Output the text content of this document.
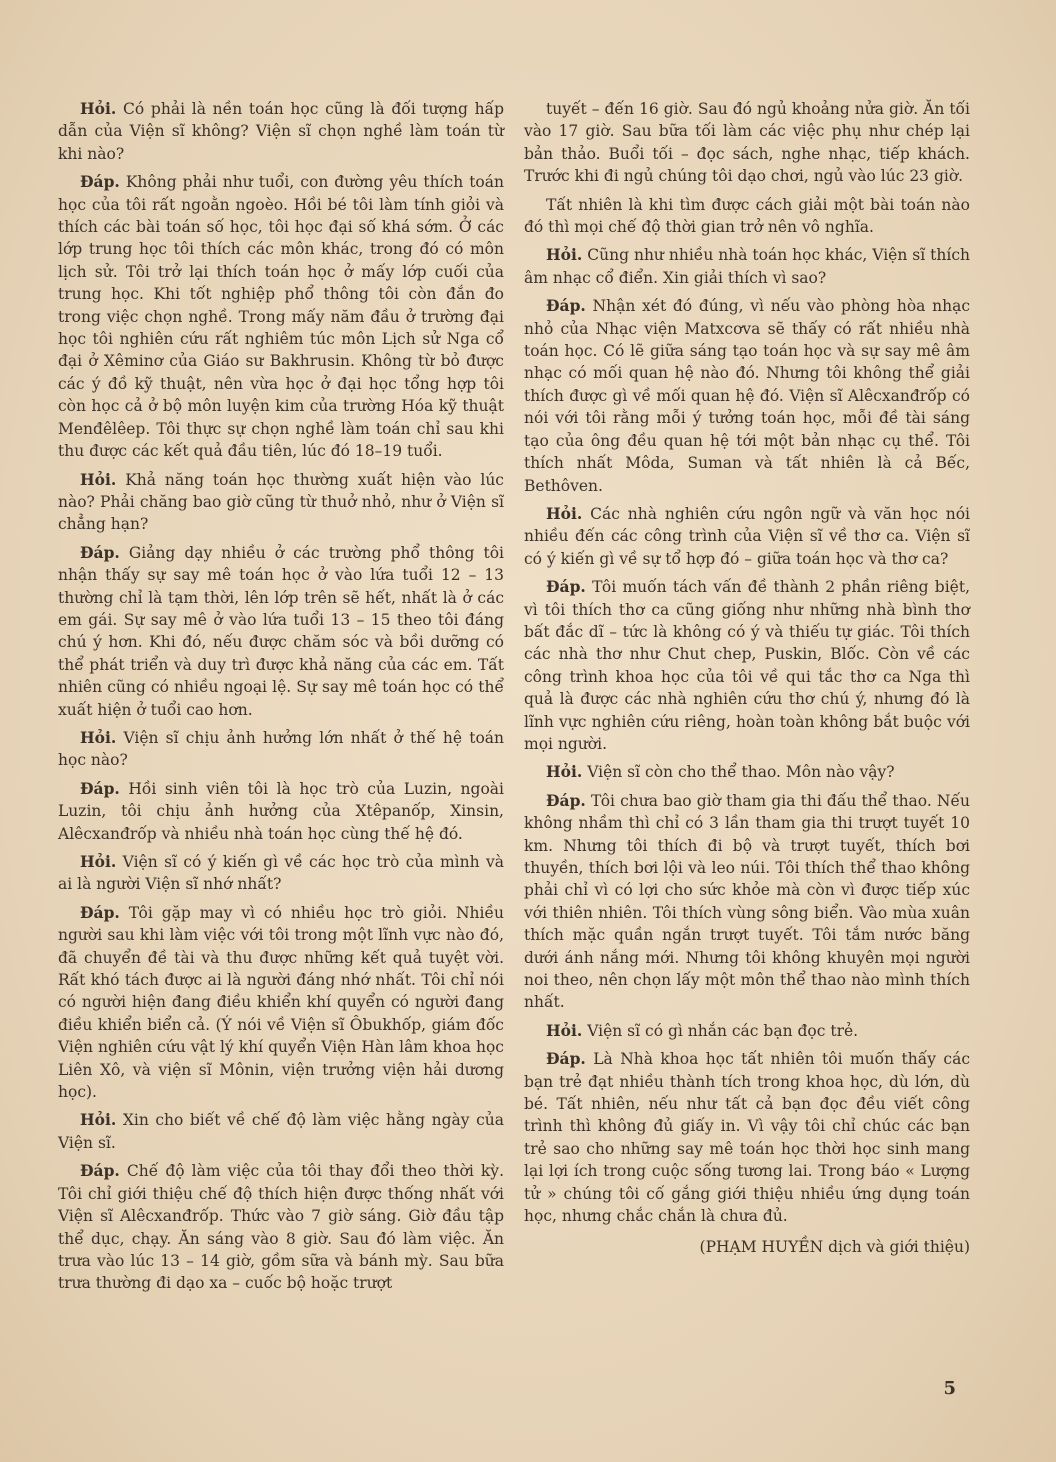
Hỏi. Có phải là nền toán học cũng là đối tượng hấp dẫn của Viện sĩ không? Viện sĩ chọn nghề làm toán từ khi nào?

Đáp. Không phải như tuổi, con đường yêu thích toán học của tôi rất ngoằn ngoèo. Hồi bé tôi làm tính giỏi và thích các bài toán số học, tôi học đại số khá sớm. Ở các lớp trung học tôi thích các môn khác, trong đó có môn lịch sử. Tôi trở lại thích toán học ở mấy lớp cuối của trung học. Khi tốt nghiệp phổ thông tôi còn đắn đo trong việc chọn nghề. Trong mấy năm đầu ở trường đại học tôi nghiên cứu rất nghiêm túc môn Lịch sử Nga cổ đại ở Xêminơ của Giáo sư Bakhrusin. Không từ bỏ được các ý đồ kỹ thuật, nên vừa học ở đại học tổng hợp tôi còn học cả ở bộ môn luyện kim của trường Hóa kỹ thuật Menđêlêep. Tôi thực sự chọn nghề làm toán chỉ sau khi thu được các kết quả đầu tiên, lúc đó 18–19 tuổi.

Hỏi. Khả năng toán học thường xuất hiện vào lúc nào? Phải chăng bao giờ cũng từ thuở nhỏ, như ở Viện sĩ chẳng hạn?

Đáp. Giảng dạy nhiều ở các trường phổ thông tôi nhận thấy sự say mê toán học ở vào lứa tuổi 12 – 13 thường chỉ là tạm thời, lên lớp trên sẽ hết, nhất là ở các em gái. Sự say mê ở vào lứa tuổi 13 – 15 theo tôi đáng chú ý hơn. Khi đó, nếu được chăm sóc và bồi dưỡng có thể phát triển và duy trì được khả năng của các em. Tất nhiên cũng có nhiều ngoại lệ. Sự say mê toán học có thể xuất hiện ở tuổi cao hơn.

Hỏi. Viện sĩ chịu ảnh hưởng lớn nhất ở thế hệ toán học nào?

Đáp. Hồi sinh viên tôi là học trò của Luzin, ngoài Luzin, tôi chịu ảnh hưởng của Xtêpanốp, Xinsin, Alêcxanđrốp và nhiều nhà toán học cùng thế hệ đó.

Hỏi. Viện sĩ có ý kiến gì về các học trò của mình và ai là người Viện sĩ nhớ nhất?

Đáp. Tôi gặp may vì có nhiều học trò giỏi. Nhiều người sau khi làm việc với tôi trong một lĩnh vực nào đó, đã chuyển đề tài và thu được những kết quả tuyệt vời. Rất khó tách được ai là người đáng nhớ nhất. Tôi chỉ nói có người hiện đang điều khiển khí quyển có người đang điều khiển biển cả. (Ý nói về Viện sĩ Ôbukhốp, giám đốc Viện nghiên cứu vật lý khí quyển Viện Hàn lâm khoa học Liên Xô, và viện sĩ Mônin, viện trưởng viện hải dương học).

Hỏi. Xin cho biết về chế độ làm việc hằng ngày của Viện sĩ.

Đáp. Chế độ làm việc của tôi thay đổi theo thời kỳ. Tôi chỉ giới thiệu chế độ thích hiện được thống nhất với Viện sĩ Alêcxanđrốp. Thức vào 7 giờ sáng. Giờ đầu tập thể dục, chạy. Ăn sáng vào 8 giờ. Sau đó làm việc. Ăn trưa vào lúc 13 – 14 giờ, gồm sữa và bánh mỳ. Sau bữa trưa thường đi dạo xa – cuốc bộ hoặc trượt

tuyết – đến 16 giờ. Sau đó ngủ khoảng nửa giờ. Ăn tối vào 17 giờ. Sau bữa tối làm các việc phụ như chép lại bản thảo. Buổi tối – đọc sách, nghe nhạc, tiếp khách. Trước khi đi ngủ chúng tôi dạo chơi, ngủ vào lúc 23 giờ.

Tất nhiên là khi tìm được cách giải một bài toán nào đó thì mọi chế độ thời gian trở nên vô nghĩa.

Hỏi. Cũng như nhiều nhà toán học khác, Viện sĩ thích âm nhạc cổ điển. Xin giải thích vì sao?

Đáp. Nhận xét đó đúng, vì nếu vào phòng hòa nhạc nhỏ của Nhạc viện Matxcơva sẽ thấy có rất nhiều nhà toán học. Có lẽ giữa sáng tạo toán học và sự say mê âm nhạc có mối quan hệ nào đó. Nhưng tôi không thể giải thích được gì về mối quan hệ đó. Viện sĩ Alêcxanđrốp có nói với tôi rằng mỗi ý tưởng toán học, mỗi đề tài sáng tạo của ông đều quan hệ tới một bản nhạc cụ thể. Tôi thích nhất Môda, Suman và tất nhiên là cả Bếc, Bethôven.

Hỏi. Các nhà nghiên cứu ngôn ngữ và văn học nói nhiều đến các công trình của Viện sĩ về thơ ca. Viện sĩ có ý kiến gì về sự tổ hợp đó – giữa toán học và thơ ca?

Đáp. Tôi muốn tách vấn đề thành 2 phần riêng biệt, vì tôi thích thơ ca cũng giống như những nhà bình thơ bất đắc dĩ – tức là không có ý và thiếu tự giác. Tôi thích các nhà thơ như Chut chep, Puskin, Blốc. Còn về các công trình khoa học của tôi về qui tắc thơ ca Nga thì quả là được các nhà nghiên cứu thơ chú ý, nhưng đó là lĩnh vực nghiên cứu riêng, hoàn toàn không bắt buộc với mọi người.

Hỏi. Viện sĩ còn cho thể thao. Môn nào vậy?

Đáp. Tôi chưa bao giờ tham gia thi đấu thể thao. Nếu không nhầm thì chỉ có 3 lần tham gia thi trượt tuyết 10 km. Nhưng tôi thích đi bộ và trượt tuyết, thích bơi thuyền, thích bơi lội và leo núi. Tôi thích thể thao không phải chỉ vì có lợi cho sức khỏe mà còn vì được tiếp xúc với thiên nhiên. Tôi thích vùng sông biển. Vào mùa xuân thích mặc quần ngắn trượt tuyết. Tôi tắm nước băng dưới ánh nắng mới. Nhưng tôi không khuyên mọi người noi theo, nên chọn lấy một môn thể thao nào mình thích nhất.

Hỏi. Viện sĩ có gì nhắn các bạn đọc trẻ.

Đáp. Là Nhà khoa học tất nhiên tôi muốn thấy các bạn trẻ đạt nhiều thành tích trong khoa học, dù lớn, dù bé. Tất nhiên, nếu như tất cả bạn đọc đều viết công trình thì không đủ giấy in. Vì vậy tôi chỉ chúc các bạn trẻ sao cho những say mê toán học thời học sinh mang lại lợi ích trong cuộc sống tương lai. Trong báo « Lượng tử » chúng tôi cố gắng giới thiệu nhiều ứng dụng toán học, nhưng chắc chắn là chưa đủ.

(PHẠM HUYỀN dịch và giới thiệu)

5
